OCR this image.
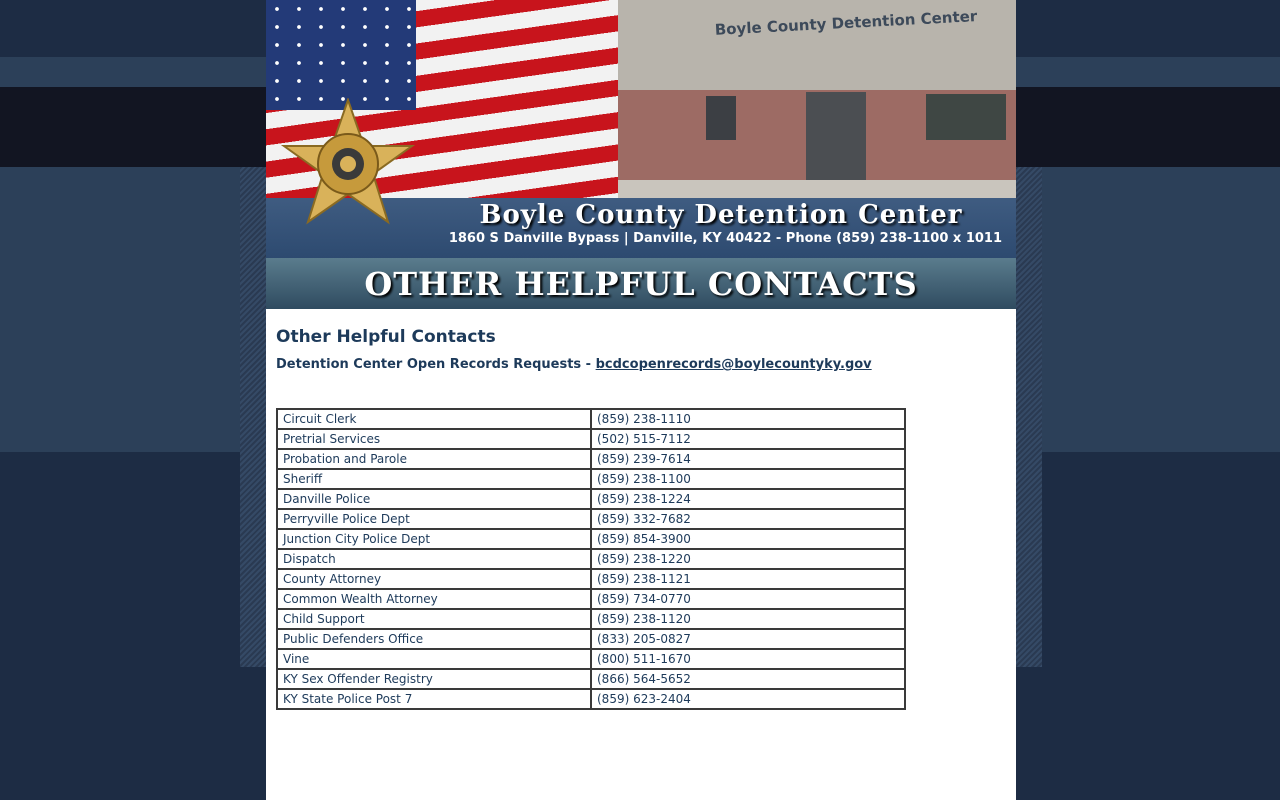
Boyle County Detention Center
Boyle County Detention Center
1860 S Danville Bypass | Danville, KY 40422 - Phone (859) 238-1100 x 1011
OTHER HELPFUL CONTACTS
Other Helpful Contacts

Detention Center Open Records Requests - bcdcopenrecords@boylecountyky.gov

Circuit Clerk	(859) 238-1110
Pretrial Services	(502) 515-7112
Probation and Parole	(859) 239-7614
Sheriff	(859) 238-1100
Danville Police	(859) 238-1224
Perryville Police Dept	(859) 332-7682
Junction City Police Dept	(859) 854-3900
Dispatch	(859) 238-1220
County Attorney	(859) 238-1121
Common Wealth Attorney	(859) 734-0770
Child Support	(859) 238-1120
Public Defenders Office	(833) 205-0827
Vine	(800) 511-1670
KY Sex Offender Registry	(866) 564-5652
KY State Police Post 7	(859) 623-2404
